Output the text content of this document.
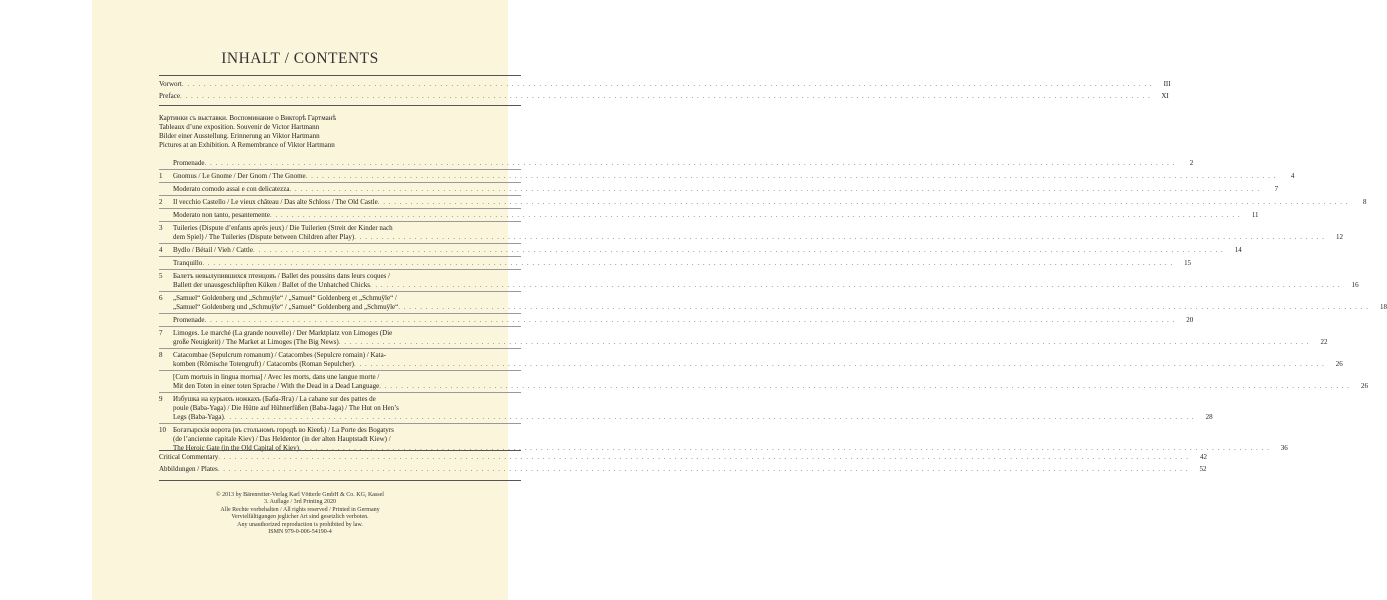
INHALT / CONTENTS
Vorwort . . .	III
Preface . . .	XI
Картинки съ выставки. Воспоминание о Викторѣ Гартманѣ
Tableaux d’une exposition. Souvenir de Victor Hartmann
Bilder einer Ausstellung. Erinnerung an Viktor Hartmann
Pictures at an Exhibition. A Remembrance of Viktor Hartmann
Promenade . . .	2
1	Gnomus / Le Gnome / Der Gnom / The Gnome . . .	4
Moderato comodo assai e con delicatezza . . .	7
2	Il vecchio Castello / Le vieux château / Das alte Schloss / The Old Castle . . .	8
Moderato non tanto, pesantemente . . .	11
3	Tuileries (Dispute d’enfants après jeux) / Die Tuilerien (Streit der Kinder nach
dem Spiel) / The Tuileries (Dispute between Children after Play) . . .	12
4	Bydlo / Bétail / Vieh / Cattle . . .	14
Tranquillo . . .	15
5	Балетъ невылупившихся птенцовъ / Ballet des poussins dans leurs coques /
Ballett der unausgeschlüpften Küken / Ballet of the Unhatched Chicks . . .	16
6	„Samuel“ Goldenberg und „Schmuÿle“ / „Samuel“ Goldenberg et „Schmuÿle“ /
„Samuel“ Goldenberg und „Schmuÿle“ / „Samuel“ Goldenberg and „Schmuÿle“ . . .	18
Promenade . . .	20
7	Limoges. Le marché (La grande nouvelle) / Der Marktplatz von Limoges (Die
große Neuigkeit) / The Market at Limoges (The Big News) . . .	22
8	Catacombae (Sepulcrum romanum) / Catacombes (Sepulcre romain) / Kata-
komben (Römische Totengruft) / Catacombs (Roman Sepulcher) . . .	26
[Cum mortuis in lingua mortua] / Avec les morts, dans une langue morte /
Mit den Toten in einer toten Sprache / With the Dead in a Dead Language . . .	26
9	Избушка на курьихъ ножкахъ (Баба-Яга) / La cabane sur des pattes de
poule (Baba-Yaga) / Die Hütte auf Hühnerfüßen (Baba-Jaga) / The Hut on Hen’s
Legs (Baba-Yaga) . . .	28
10	Богатырскія ворота (въ стольномъ городѣ во Кіевѣ) / La Porte des Bogatyrs
(de l’ancienne capitale Kiev) / Das Heldentor (in der alten Hauptstadt Kiew) /
The Heroic Gate (in the Old Capital of Kiev) . . .	36
Critical Commentary . . .	42
Abbildungen / Plates . . .	52
© 2013 by Bärenreiter-Verlag Karl Vötterle GmbH & Co. KG, Kassel
3. Auflage / 3rd Printing 2020
Alle Rechte vorbehalten / All rights reserved / Printed in Germany
Vervielfältigungen jeglicher Art sind gesetzlich verboten.
Any unauthorized reproduction is prohibited by law.
ISMN 979-0-006-54190-4
